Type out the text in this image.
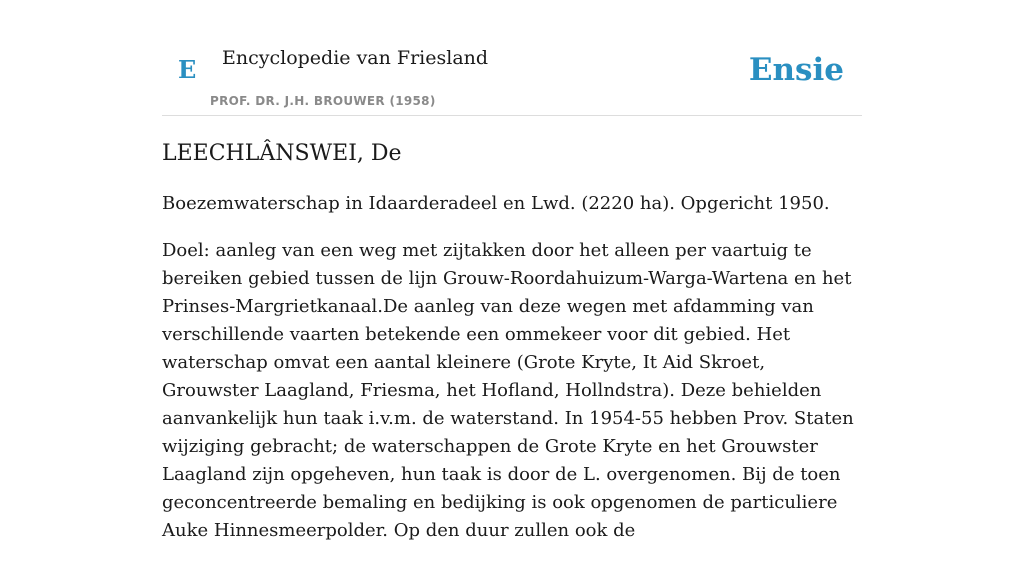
E Encyclopedie van Friesland
PROF. DR. J.H. BROUWER (1958)
Ensie
LEECHLÂNSWEI, De

Boezemwaterschap in Idaarderadeel en Lwd. (2220 ha). Opgericht 1950.

Doel: aanleg van een weg met zijtakken door het alleen per vaartuig te bereiken gebied tussen de lijn Grouw-Roordahuizum-Warga-Wartena en het Prinses-Margrietkanaal.De aanleg van deze wegen met afdamming van verschillende vaarten betekende een ommekeer voor dit gebied. Het waterschap omvat een aantal kleinere (Grote Kryte, It Aid Skroet, Grouwster Laagland, Friesma, het Hofland, Hollndstra). Deze behielden aanvankelijk hun taak i.v.m. de waterstand. In 1954-55 hebben Prov. Staten wijziging gebracht; de waterschappen de Grote Kryte en het Grouwster Laagland zijn opgeheven, hun taak is door de L. overgenomen. Bij de toen geconcentreerde bemaling en bedijking is ook opgenomen de particuliere Auke Hinnesmeerpolder. Op den duur zullen ook de
